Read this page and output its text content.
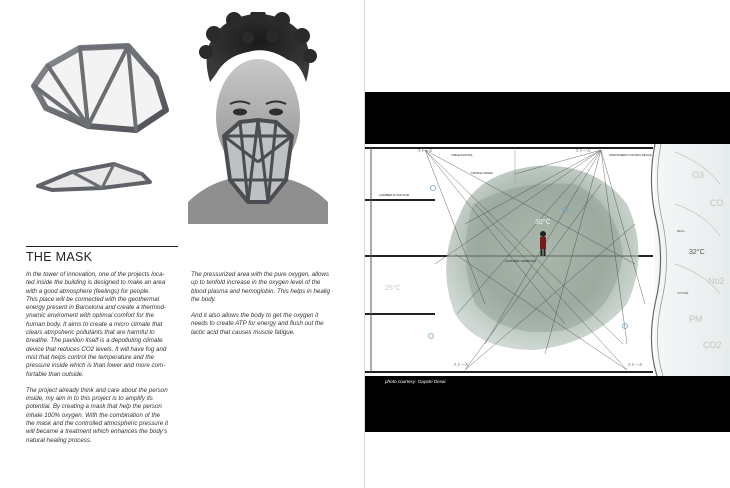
THE MASK

In the tower of innovation, one of the projects loca-
ted inside the building is designed to make an area
with a good atmosphere (feelings) for people.
This place will be connected with the geothermal
energy present in Barcelona and create a thermod-
ynamic enviroment with optimal comfort for the
human body. It aims to create a micro climate that
clears atmpsheric pollutants that are harmful to
breathe. The pavilion itself is a depolluting climate
device that reduces CO2 levels. It will have fog and
mist that helps control the temperature and the
pressure inside which is than lower and more com-
fortable than outside.

The project already think and care about the person
inside, my aim in to this project is to amplify its
potential. By creating a mask that help the person
inhale 100% oxygen. With the combination of the
the mask and the controlled atmospheric pressure it
will became a treatment which enhances the body's
natural healing process.

The pressurized area with the pure oxygen, allows
up to tenfold increase in the oxygen level of the
blood plasma and hemoglobin. This helps in healig
the body.

And it also allows the body to get the oxygen it
needs to create ATP for energy and flush out the
lactic acid that causes muscle fatigue.

ストール	ストール
ストール	ストール
CABLE/CONTROL
TENSILE CABLES
ATMOSPHERIC CONTROL DEVICE
CHAMBER FLOOR SLAB
PLATFORM / EXHIBITION
MESH
OUTSIDE
30°C
25°C
32°C
O3
CO
No2
PM
CO2
photo courtesy: Gayatri Desai
